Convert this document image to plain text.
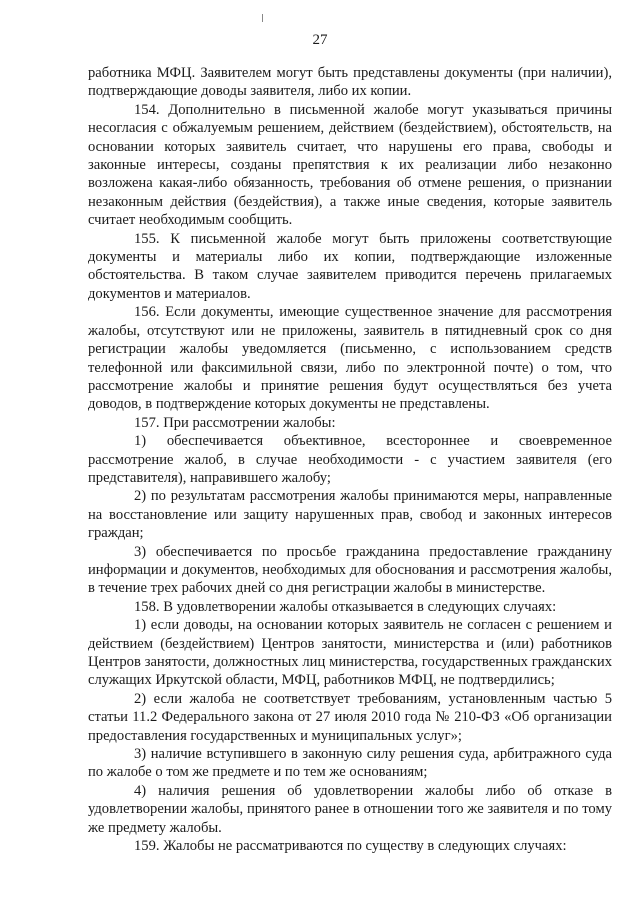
27

работника МФЦ. Заявителем могут быть представлены документы (при наличии), подтверждающие доводы заявителя, либо их копии.

154. Дополнительно в письменной жалобе могут указываться причины несогласия с обжалуемым решением, действием (бездействием), обстоятельств, на основании которых заявитель считает, что нарушены его права, свободы и законные интересы, созданы препятствия к их реализации либо незаконно возложена какая-либо обязанность, требования об отмене решения, о признании незаконным действия (бездействия), а также иные сведения, которые заявитель считает необходимым сообщить.

155. К письменной жалобе могут быть приложены соответствующие документы и материалы либо их копии, подтверждающие изложенные обстоятельства. В таком случае заявителем приводится перечень прилагаемых документов и материалов.

156. Если документы, имеющие существенное значение для рассмотрения жалобы, отсутствуют или не приложены, заявитель в пятидневный срок со дня регистрации жалобы уведомляется (письменно, с использованием средств телефонной или факсимильной связи, либо по электронной почте) о том, что рассмотрение жалобы и принятие решения будут осуществляться без учета доводов, в подтверждение которых документы не представлены.

157. При рассмотрении жалобы:

1) обеспечивается объективное, всестороннее и своевременное рассмотрение жалоб, в случае необходимости - с участием заявителя (его представителя), направившего жалобу;

2) по результатам рассмотрения жалобы принимаются меры, направленные на восстановление или защиту нарушенных прав, свобод и законных интересов граждан;

3) обеспечивается по просьбе гражданина предоставление гражданину информации и документов, необходимых для обоснования и рассмотрения жалобы, в течение трех рабочих дней со дня регистрации жалобы в министерстве.

158. В удовлетворении жалобы отказывается в следующих случаях:

1) если доводы, на основании которых заявитель не согласен с решением и действием (бездействием) Центров занятости, министерства и (или) работников Центров занятости, должностных лиц министерства, государственных гражданских служащих Иркутской области, МФЦ, работников МФЦ, не подтвердились;

2) если жалоба не соответствует требованиям, установленным частью 5 статьи 11.2 Федерального закона от 27 июля 2010 года № 210-ФЗ «Об организации предоставления государственных и муниципальных услуг»;

3) наличие вступившего в законную силу решения суда, арбитражного суда по жалобе о том же предмете и по тем же основаниям;

4) наличия решения об удовлетворении жалобы либо об отказе в удовлетворении жалобы, принятого ранее в отношении того же заявителя и по тому же предмету жалобы.

159. Жалобы не рассматриваются по существу в следующих случаях:
